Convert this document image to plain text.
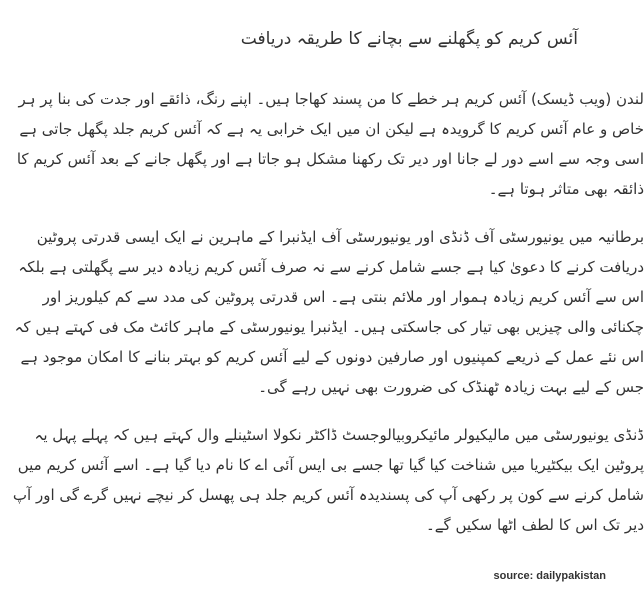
آئس کریم کو پگھلنے سے بچانے کا طریقہ دریافت

لندن (ویب ڈیسک) آئس کریم ہر خطے کا من پسند کھاجا ہیں۔ اپنے رنگ، ذائقے اور جدت کی بنا پر ہر خاص و عام آئس کریم کا گرویدہ ہے لیکن ان میں ایک خرابی یہ ہے کہ آئس کریم جلد پگھل جاتی ہے اسی وجہ سے اسے دور لے جانا اور دیر تک رکھنا مشکل ہو جاتا ہے اور پگھل جانے کے بعد آئس کریم کا ذائقہ بھی متاثر ہوتا ہے۔

برطانیہ میں یونیورسٹی آف ڈنڈی اور یونیورسٹی آف ایڈنبرا کے ماہرین نے ایک ایسی قدرتی پروٹین دریافت کرنے کا دعویٰ کیا ہے جسے شامل کرنے سے نہ صرف آئس کریم زیادہ دیر سے پگھلتی ہے بلکہ اس سے آئس کریم زیادہ ہموار اور ملائم بنتی ہے۔ اس قدرتی پروٹین کی مدد سے کم کیلوریز اور چکنائی والی چیزیں بھی تیار کی جاسکتی ہیں۔ ایڈنبرا یونیورسٹی کے ماہر کائٹ مک فی کہتے ہیں کہ اس نئے عمل کے ذریعے کمپنیوں اور صارفین دونوں کے لیے آئس کریم کو بہتر بنانے کا امکان موجود ہے جس کے لیے بہت زیادہ ٹھنڈک کی ضرورت بھی نہیں رہے گی۔

ڈنڈی یونیورسٹی میں مالیکیولر مائیکروبیالوجسٹ ڈاکٹر نکولا اسٹینلے وال کہتے ہیں کہ پہلے پہل یہ پروٹین ایک بیکٹیریا میں شناخت کیا گیا تھا جسے بی ایس آئی اے کا نام دیا گیا ہے۔ اسے آئس کریم میں شامل کرنے سے کون پر رکھی آپ کی پسندیدہ آئس کریم جلد ہی پھسل کر نیچے نہیں گرے گی اور آپ دیر تک اس کا لطف اٹھا سکیں گے۔

source: dailypakistan
